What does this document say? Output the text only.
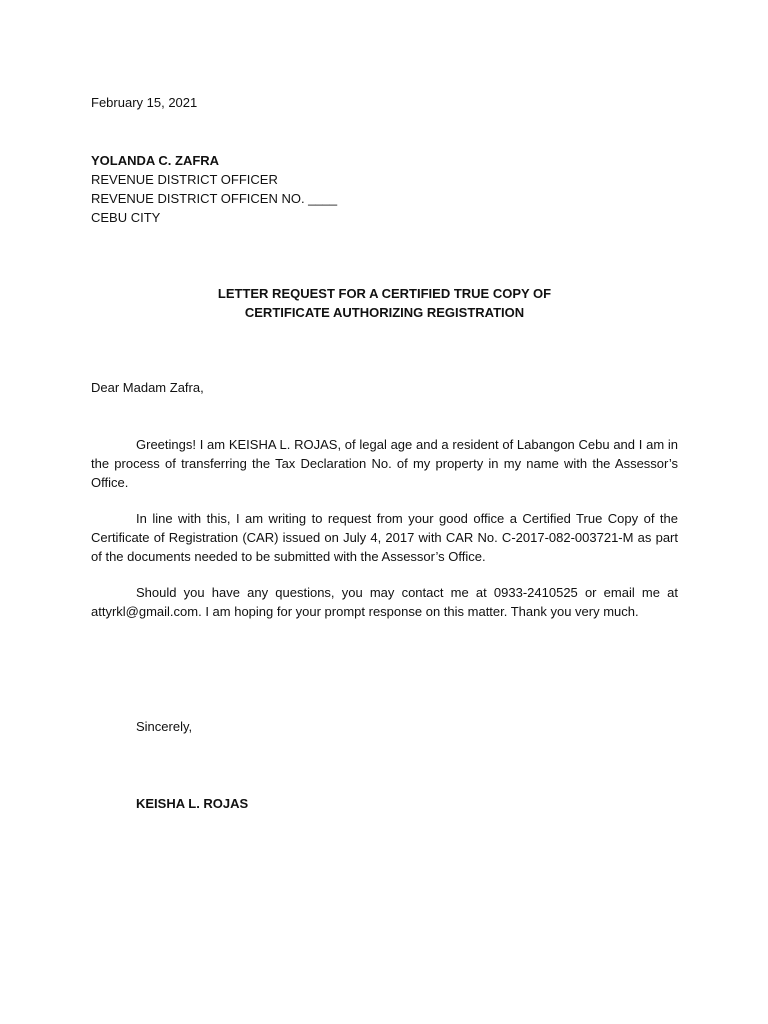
February 15, 2021
YOLANDA C. ZAFRA
REVENUE DISTRICT OFFICER
REVENUE DISTRICT OFFICEN NO. ____
CEBU CITY
LETTER REQUEST FOR A CERTIFIED TRUE COPY OF
CERTIFICATE AUTHORIZING REGISTRATION
Dear Madam Zafra,

Greetings! I am KEISHA L. ROJAS, of legal age and a resident of Labangon Cebu and I am in the process of transferring the Tax Declaration No. of my property in my name with the Assessor’s Office.

In line with this, I am writing to request from your good office a Certified True Copy of the Certificate of Registration (CAR) issued on July 4, 2017 with CAR No. C-2017-082-003721-M as part of the documents needed to be submitted with the Assessor’s Office.

Should you have any questions, you may contact me at 0933-2410525 or email me at attyrkl@gmail.com. I am hoping for your prompt response on this matter. Thank you very much.

Sincerely,
KEISHA L. ROJAS
